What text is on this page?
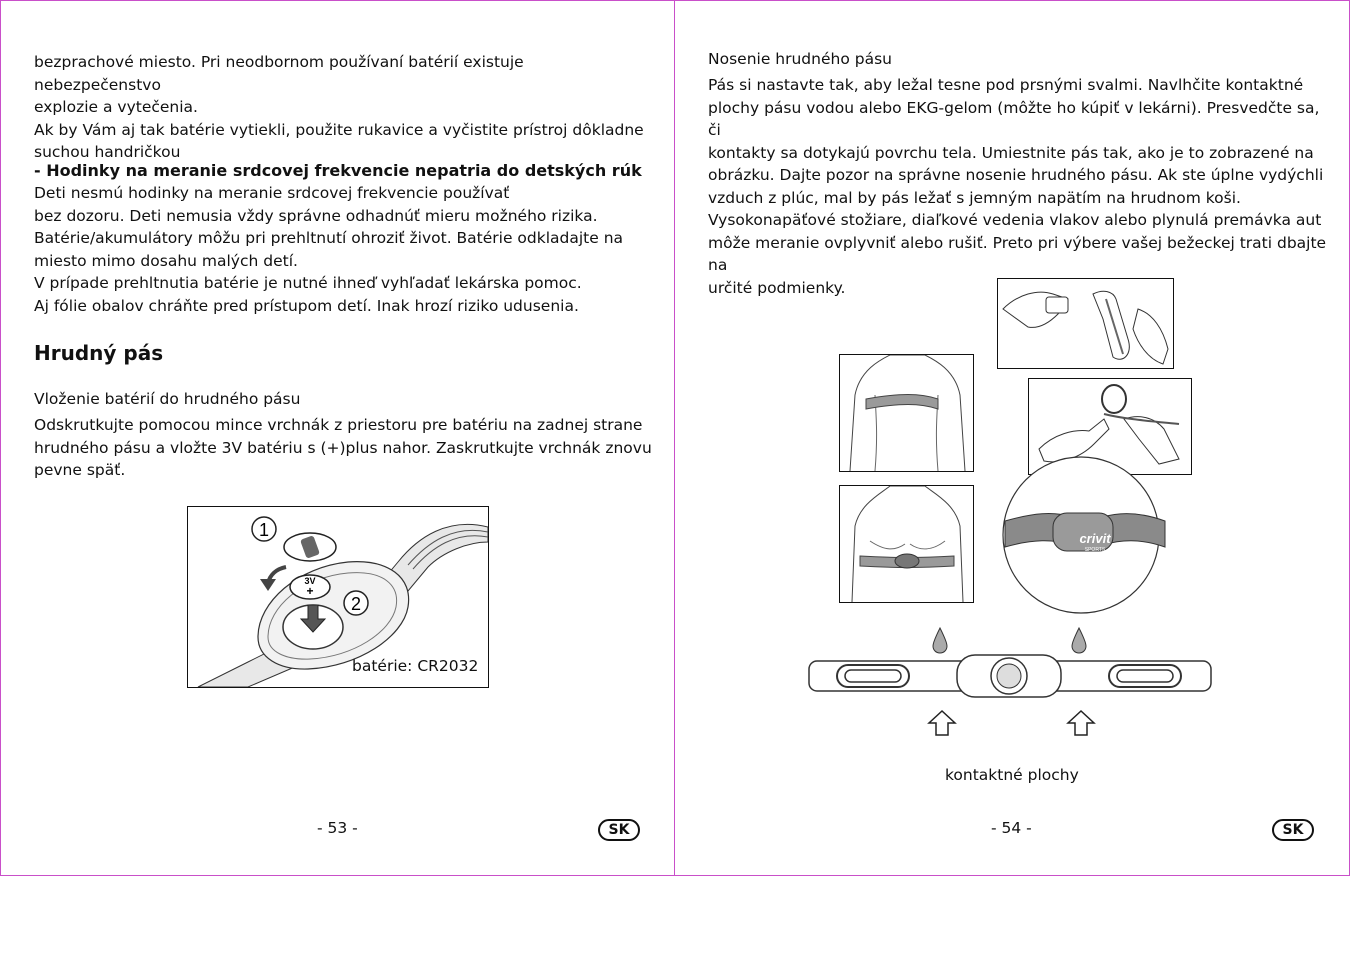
bezprachové miesto. Pri neodbornom používaní batérií existuje nebezpečenstvo

explozie a vytečenia.

Ak by Vám aj tak batérie vytiekli, použite rukavice a vyčistite prístroj dôkladne

suchou handričkou

- Hodinky na meranie srdcovej frekvencie nepatria do detských rúk

Deti nesmú hodinky na meranie srdcovej frekvencie používať

bez dozoru. Deti nemusia vždy správne odhadnúť mieru možného rizika.

Batérie/akumulátory môžu pri prehltnutí ohroziť život. Batérie odkladajte na

miesto mimo dosahu malých detí.

V prípade prehltnutia batérie je nutné ihneď vyhľadať lekárska pomoc.

Aj fólie obalov chráňte pred prístupom detí. Inak hrozí riziko udusenia.

Hrudný pás
Vloženie batérií do hrudného pásu

Odskrutkujte pomocou mince vrchnák z priestoru pre batériu na zadnej strane

hrudného pásu a vložte 3V batériu s (+)plus nahor. Zaskrutkujte vrchnák znovu

pevne späť.

3V
+
1
2
batérie: CR2032
- 53 -	SK
Nosenie hrudného pásu

Pás si nastavte tak, aby ležal tesne pod prsnými svalmi. Navlhčite kontaktné

plochy pásu vodou alebo EKG-gelom (môžte ho kúpiť v lekárni). Presvedčte sa, či

kontakty sa dotykajú povrchu tela. Umiestnite pás tak, ako je to zobrazené na

obrázku. Dajte pozor na správne nosenie hrudného pásu. Ak ste úplne vydýchli

vzduch z plúc, mal by pás ležať s jemným napätím na hrudnom koši.

Vysokonapäťové stožiare, diaľkové vedenia vlakov alebo plynulá premávka aut

môže meranie ovplyvniť alebo rušiť. Preto pri výbere vašej bežeckej trati dbajte na

určité podmienky.

crivit
SPORTS
kontaktné plochy
- 54 -	SK
